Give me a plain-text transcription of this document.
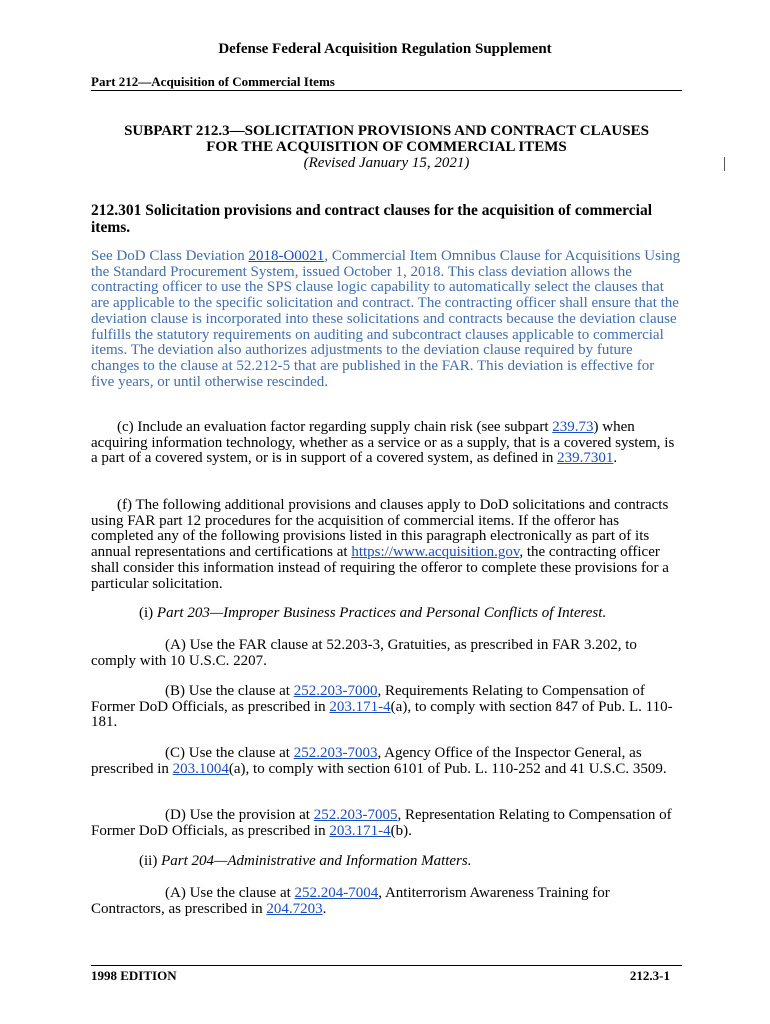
Defense Federal Acquisition Regulation Supplement
Part 212—Acquisition of Commercial Items
SUBPART 212.3—SOLICITATION PROVISIONS AND CONTRACT CLAUSES
FOR THE ACQUISITION OF COMMERCIAL ITEMS
(Revised January 15, 2021)
212.301 Solicitation provisions and contract clauses for the acquisition of commercial items.
See DoD Class Deviation 2018-O0021, Commercial Item Omnibus Clause for Acquisitions Using the Standard Procurement System, issued October 1, 2018. This class deviation allows the contracting officer to use the SPS clause logic capability to automatically select the clauses that are applicable to the specific solicitation and contract. The contracting officer shall ensure that the deviation clause is incorporated into these solicitations and contracts because the deviation clause fulfills the statutory requirements on auditing and subcontract clauses applicable to commercial items. The deviation also authorizes adjustments to the deviation clause required by future changes to the clause at 52.212-5 that are published in the FAR. This deviation is effective for five years, or until otherwise rescinded.
(c) Include an evaluation factor regarding supply chain risk (see subpart 239.73) when acquiring information technology, whether as a service or as a supply, that is a covered system, is a part of a covered system, or is in support of a covered system, as defined in 239.7301.
(f) The following additional provisions and clauses apply to DoD solicitations and contracts using FAR part 12 procedures for the acquisition of commercial items. If the offeror has completed any of the following provisions listed in this paragraph electronically as part of its annual representations and certifications at https://www.acquisition.gov, the contracting officer shall consider this information instead of requiring the offeror to complete these provisions for a particular solicitation.
(i) Part 203—Improper Business Practices and Personal Conflicts of Interest.
(A) Use the FAR clause at 52.203-3, Gratuities, as prescribed in FAR 3.202, to comply with 10 U.S.C. 2207.
(B) Use the clause at 252.203-7000, Requirements Relating to Compensation of Former DoD Officials, as prescribed in 203.171-4(a), to comply with section 847 of Pub. L. 110-181.
(C) Use the clause at 252.203-7003, Agency Office of the Inspector General, as prescribed in 203.1004(a), to comply with section 6101 of Pub. L. 110-252 and 41 U.S.C. 3509.
(D) Use the provision at 252.203-7005, Representation Relating to Compensation of Former DoD Officials, as prescribed in 203.171-4(b).
(ii) Part 204—Administrative and Information Matters.
(A) Use the clause at 252.204-7004, Antiterrorism Awareness Training for Contractors, as prescribed in 204.7203.
1998 EDITION	212.3-1
